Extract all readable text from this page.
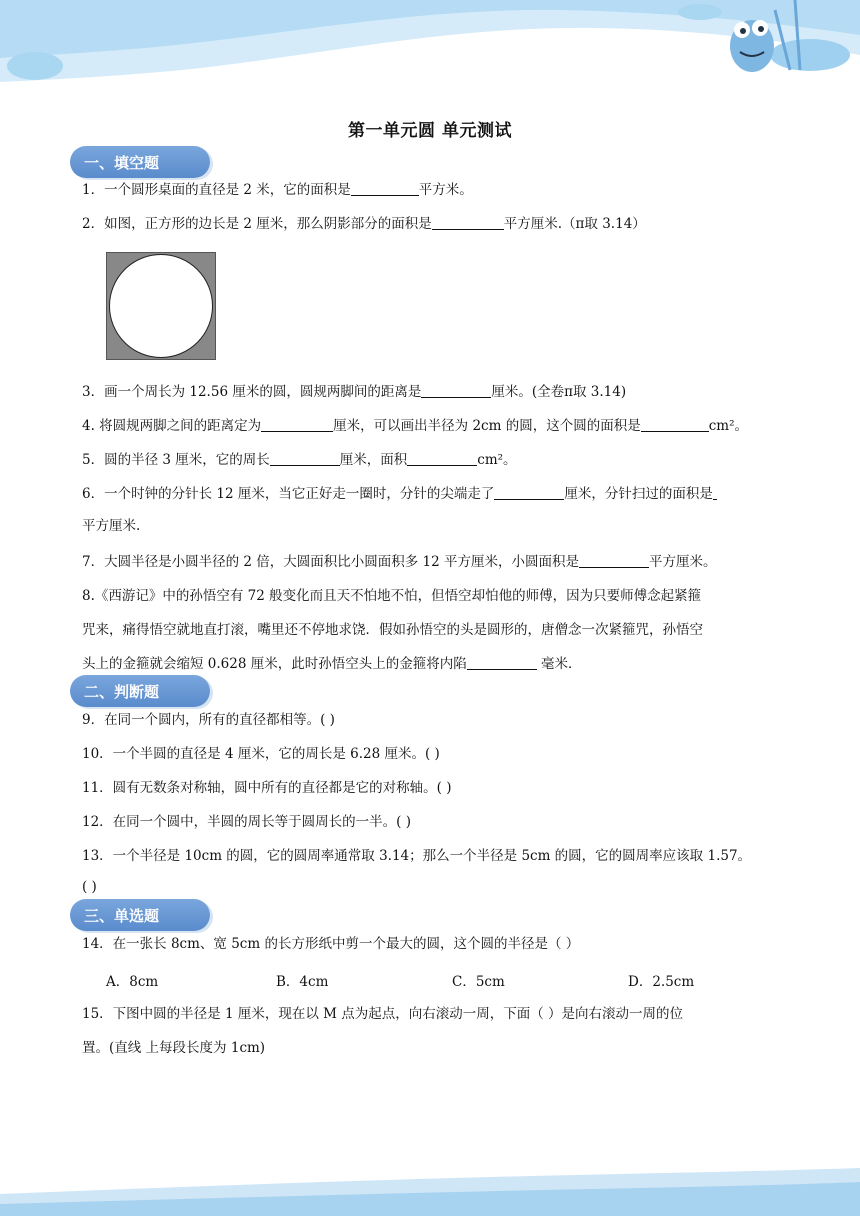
第一单元圆 单元测试
一、填空题
1．一个圆形桌面的直径是 2 米，它的面积是	平方米。
2．如图，正方形的边长是 2 厘米，那么阴影部分的面积是	平方厘米.（π取 3.14）
3．画一个周长为 12.56 厘米的圆，圆规两脚间的距离是	厘米。(全卷π取 3.14)
4. 将圆规两脚之间的距离定为	厘米，可以画出半径为 2cm 的圆，这个圆的面积是	cm²。
5．圆的半径 3 厘米，它的周长	厘米，面积	cm²。
6．一个时钟的分针长 12 厘米，当它正好走一圈时，分针的尖端走了	厘米，分针扫过的面积是
平方厘米.
7．大圆半径是小圆半径的 2 倍，大圆面积比小圆面积多 12 平方厘米，小圆面积是	平方厘米。
8.《西游记》中的孙悟空有 72 般变化而且天不怕地不怕，但悟空却怕他的师傅，因为只要师傅念起紧箍
咒来，痛得悟空就地直打滚，嘴里还不停地求饶．假如孙悟空的头是圆形的，唐僧念一次紧箍咒，孙悟空
头上的金箍就会缩短 0.628 厘米，此时孙悟空头上的金箍将内陷	毫米．
二、判断题
9．在同一个圆内，所有的直径都相等。( )
10．一个半圆的直径是 4 厘米，它的周长是 6.28 厘米。( )
11．圆有无数条对称轴，圆中所有的直径都是它的对称轴。( )
12．在同一个圆中，半圆的周长等于圆周长的一半。( )
13．一个半径是 10cm 的圆，它的圆周率通常取 3.14；那么一个半径是 5cm 的圆，它的圆周率应该取 1.57。
( )
三、单选题
14．在一张长 8cm、宽 5cm 的长方形纸中剪一个最大的圆，这个圆的半径是（ ）
A．8cm	B．4cm	C．5cm	D．2.5cm
15．下图中圆的半径是 1 厘米，现在以 M 点为起点，向右滚动一周，下面（ ）是向右滚动一周的位
置。(直线 上每段长度为 1cm)
